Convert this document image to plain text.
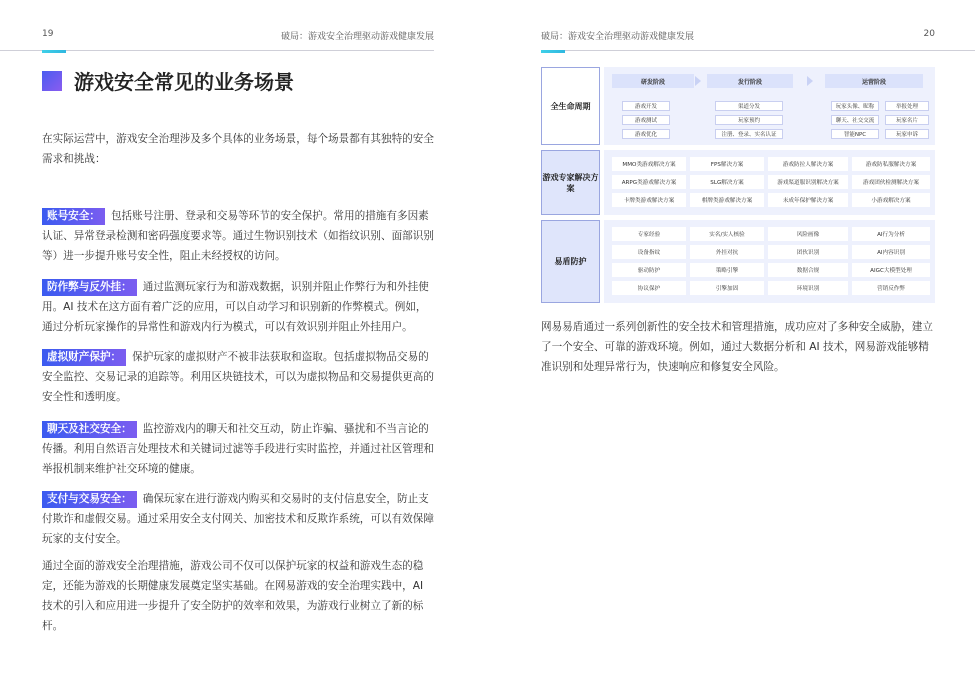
19	破局：游戏安全治理驱动游戏健康发展
游戏安全常见的业务场景

在实际运营中，游戏安全治理涉及多个具体的业务场景，每个场景都有其独特的安全需求和挑战：

账号安全： 包括账号注册、登录和交易等环节的安全保护。常用的措施有多因素认证、异常登录检测和密码强度要求等。通过生物识别技术（如指纹识别、面部识别等）进一步提升账号安全性，阻止未经授权的访问。

防作弊与反外挂： 通过监测玩家行为和游戏数据，识别并阻止作弊行为和外挂使用。AI 技术在这方面有着广泛的应用，可以自动学习和识别新的作弊模式。例如，通过分析玩家操作的异常性和游戏内行为模式，可以有效识别并阻止外挂用户。

虚拟财产保护： 保护玩家的虚拟财产不被非法获取和盗取。包括虚拟物品交易的安全监控、交易记录的追踪等。利用区块链技术，可以为虚拟物品和交易提供更高的安全性和透明度。

聊天及社交安全： 监控游戏内的聊天和社交互动，防止诈骗、骚扰和不当言论的传播。利用自然语言处理技术和关键词过滤等手段进行实时监控，并通过社区管理和举报机制来维护社交环境的健康。

支付与交易安全： 确保玩家在进行游戏内购买和交易时的支付信息安全，防止支付欺诈和虚假交易。通过采用安全支付网关、加密技术和反欺诈系统，可以有效保障玩家的支付安全。

通过全面的游戏安全治理措施，游戏公司不仅可以保护玩家的权益和游戏生态的稳定，还能为游戏的长期健康发展奠定坚实基础。在网易游戏的安全治理实践中，AI 技术的引入和应用进一步提升了安全防护的效率和效果，为游戏行业树立了新的标杆。

破局：游戏安全治理驱动游戏健康发展	20
全生命周期
研发阶段	发行阶段	运营阶段
游戏开发	渠道分发	玩家头像、昵称	举报处理
游戏测试	玩家预约	聊天、社交交流	玩家名片
游戏优化	注册、登录、实名认证	智能NPC	玩家申诉
游戏专家解决方案
MMO类游戏解决方案	FPS解决方案	游戏防拉人解决方案	游戏防私服解决方案
ARPG类游戏解决方案	SLG解决方案	游戏渠道服识别解决方案	游戏团伙检测解决方案
卡牌类游戏解决方案	棋牌类游戏解决方案	未成年保护解决方案	小游戏解决方案
易盾防护
专家经验	实名/实人核验	风险画像	AI行为分析
设备指纹	外挂对抗	团伙识别	AI内容识别
驱动防护	策略引擎	数据合规	AIGC大模型处理
协议保护	引擎加固	环境识别	营销反作弊

网易易盾通过一系列创新性的安全技术和管理措施，成功应对了多种安全威胁，建立了一个安全、可靠的游戏环境。例如，通过大数据分析和 AI 技术，网易游戏能够精准识别和处理异常行为，快速响应和修复安全风险。
